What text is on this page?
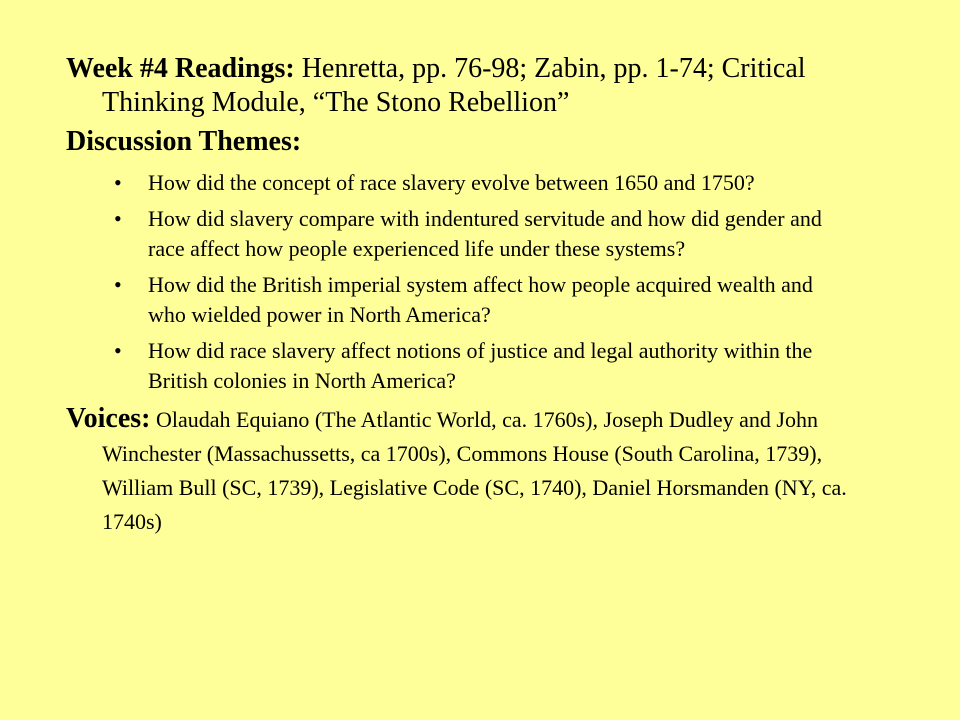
Week #4 Readings: Henretta, pp. 76-98; Zabin, pp. 1-74; Critical Thinking Module, “The Stono Rebellion”

Discussion Themes:
• How did the concept of race slavery evolve between 1650 and 1750?
• How did slavery compare with indentured servitude and how did gender and race affect how people experienced life under these systems?
• How did the British imperial system affect how people acquired wealth and who wielded power in North America?
• How did race slavery affect notions of justice and legal authority within the British colonies in North America?

Voices: Olaudah Equiano (The Atlantic World, ca. 1760s), Joseph Dudley and John Winchester (Massachussetts, ca 1700s), Commons House (South Carolina, 1739), William Bull (SC, 1739), Legislative Code (SC, 1740), Daniel Horsmanden (NY, ca. 1740s)
